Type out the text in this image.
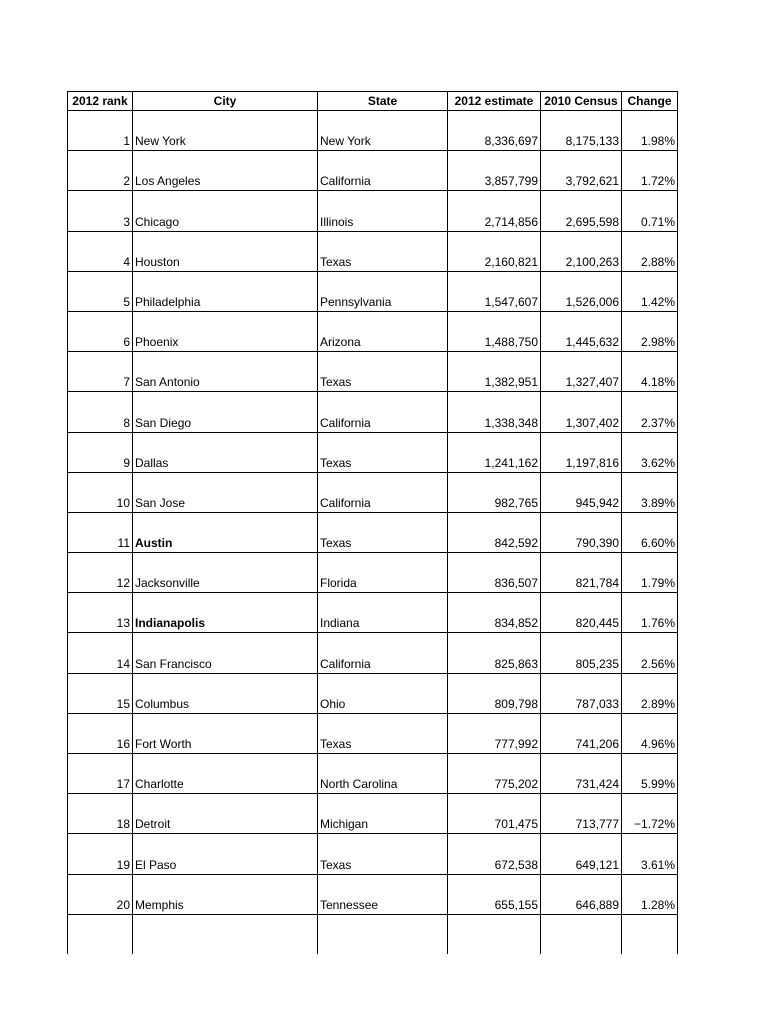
2012 rank	City	State	2012 estimate	2010 Census	Change
1	New York	New York	8,336,697	8,175,133	1.98%
2	Los Angeles	California	3,857,799	3,792,621	1.72%
3	Chicago	Illinois	2,714,856	2,695,598	0.71%
4	Houston	Texas	2,160,821	2,100,263	2.88%
5	Philadelphia	Pennsylvania	1,547,607	1,526,006	1.42%
6	Phoenix	Arizona	1,488,750	1,445,632	2.98%
7	San Antonio	Texas	1,382,951	1,327,407	4.18%
8	San Diego	California	1,338,348	1,307,402	2.37%
9	Dallas	Texas	1,241,162	1,197,816	3.62%
10	San Jose	California	982,765	945,942	3.89%
11	Austin	Texas	842,592	790,390	6.60%
12	Jacksonville	Florida	836,507	821,784	1.79%
13	Indianapolis	Indiana	834,852	820,445	1.76%
14	San Francisco	California	825,863	805,235	2.56%
15	Columbus	Ohio	809,798	787,033	2.89%
16	Fort Worth	Texas	777,992	741,206	4.96%
17	Charlotte	North Carolina	775,202	731,424	5.99%
18	Detroit	Michigan	701,475	713,777	−1.72%
19	El Paso	Texas	672,538	649,121	3.61%
20	Memphis	Tennessee	655,155	646,889	1.28%
